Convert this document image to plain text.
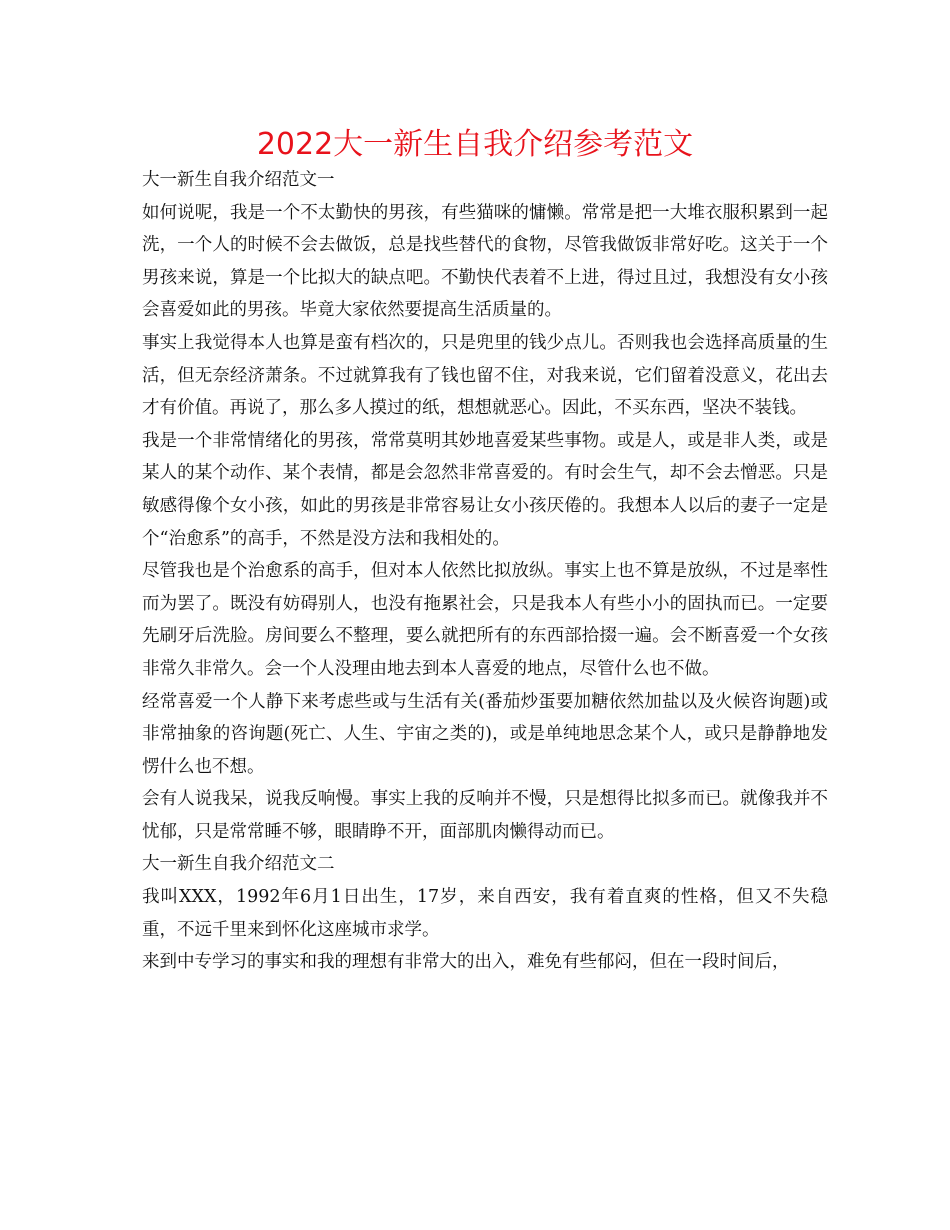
2022大一新生自我介绍参考范文
大一新生自我介绍范文一

如何说呢，我是一个不太勤快的男孩，有些猫咪的慵懒。常常是把一大堆衣服积累到一起洗，一个人的时候不会去做饭，总是找些替代的食物，尽管我做饭非常好吃。这关于一个男孩来说，算是一个比拟大的缺点吧。不勤快代表着不上进，得过且过，我想没有女小孩会喜爱如此的男孩。毕竟大家依然要提高生活质量的。

事实上我觉得本人也算是蛮有档次的，只是兜里的钱少点儿。否则我也会选择高质量的生活，但无奈经济萧条。不过就算我有了钱也留不住，对我来说，它们留着没意义，花出去才有价值。再说了，那么多人摸过的纸，想想就恶心。因此，不买东西，坚决不装钱。

我是一个非常情绪化的男孩，常常莫明其妙地喜爱某些事物。或是人，或是非人类，或是某人的某个动作、某个表情，都是会忽然非常喜爱的。有时会生气，却不会去憎恶。只是敏感得像个女小孩，如此的男孩是非常容易让女小孩厌倦的。我想本人以后的妻子一定是个“治愈系”的高手，不然是没方法和我相处的。

尽管我也是个治愈系的高手，但对本人依然比拟放纵。事实上也不算是放纵，不过是率性而为罢了。既没有妨碍别人，也没有拖累社会，只是我本人有些小小的固执而已。一定要先刷牙后洗脸。房间要么不整理，要么就把所有的东西部拾掇一遍。会不断喜爱一个女孩非常久非常久。会一个人没理由地去到本人喜爱的地点，尽管什么也不做。

经常喜爱一个人静下来考虑些或与生活有关(番茄炒蛋要加糖依然加盐以及火候咨询题)或非常抽象的咨询题(死亡、人生、宇宙之类的)，或是单纯地思念某个人，或只是静静地发愣什么也不想。

会有人说我呆，说我反响慢。事实上我的反响并不慢，只是想得比拟多而已。就像我并不忧郁，只是常常睡不够，眼睛睁不开，面部肌肉懒得动而已。

大一新生自我介绍范文二

我叫XXX，1992年6月1日出生，17岁，来自西安，我有着直爽的性格，但又不失稳重，不远千里来到怀化这座城市求学。

来到中专学习的事实和我的理想有非常大的出入，难免有些郁闷，但在一段时间后，
